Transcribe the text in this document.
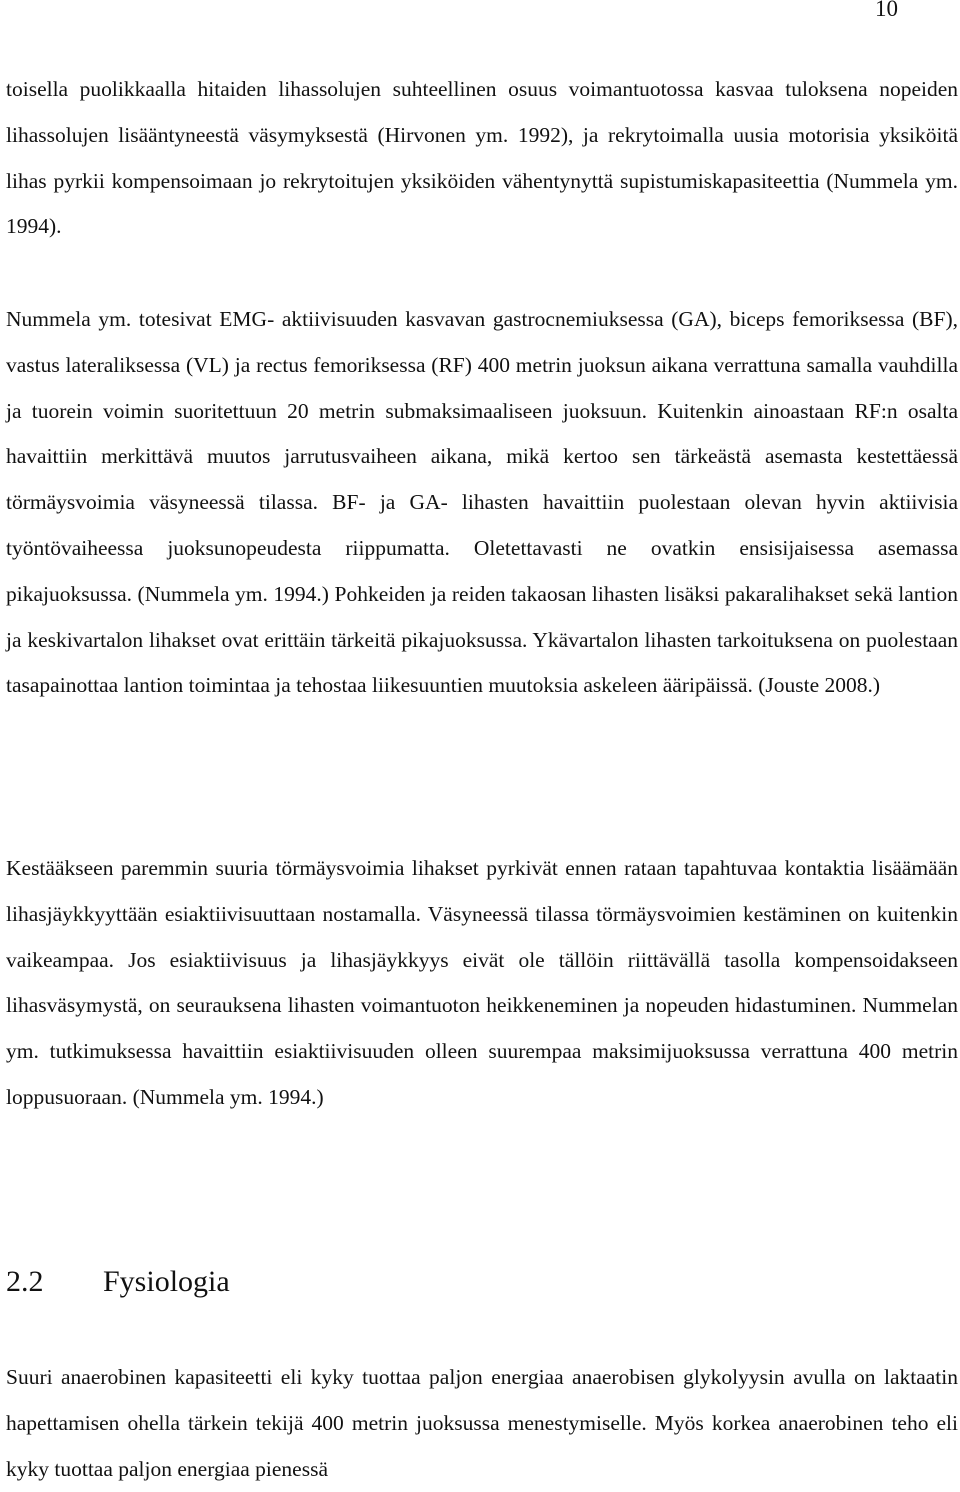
10

toisella puolikkaalla hitaiden lihassolujen suhteellinen osuus voimantuotossa kasvaa tuloksena nopeiden lihassolujen lisääntyneestä väsymyksestä (Hirvonen ym. 1992), ja rekrytoimalla uusia motorisia yksiköitä lihas pyrkii kompensoimaan jo rekrytoitujen yksiköiden vähentynyttä supistumiskapasiteettia (Nummela ym. 1994).

Nummela ym. totesivat EMG- aktiivisuuden kasvavan gastrocnemiuksessa (GA), biceps femoriksessa (BF), vastus lateraliksessa (VL) ja rectus femoriksessa (RF) 400 metrin juoksun aikana verrattuna samalla vauhdilla ja tuorein voimin suoritettuun 20 metrin submaksimaaliseen juoksuun. Kuitenkin ainoastaan RF:n osalta havaittiin merkittävä muutos jarrutusvaiheen aikana, mikä kertoo sen tärkeästä asemasta kestettäessä törmäysvoimia väsyneessä tilassa. BF- ja GA- lihasten havaittiin puolestaan olevan hyvin aktiivisia työntövaiheessa juoksunopeudesta riippumatta. Oletettavasti ne ovatkin ensisijaisessa asemassa pikajuoksussa. (Nummela ym. 1994.) Pohkeiden ja reiden takaosan lihasten lisäksi pakaralihakset sekä lantion ja keskivartalon lihakset ovat erittäin tärkeitä pikajuoksussa. Ykävartalon lihasten tarkoituksena on puolestaan tasapainottaa lantion toimintaa ja tehostaa liikesuuntien muutoksia askeleen ääripäissä. (Jouste 2008.)

Kestääkseen paremmin suuria törmäysvoimia lihakset pyrkivät ennen rataan tapahtuvaa kontaktia lisäämään lihasjäykkyyttään esiaktiivisuuttaan nostamalla. Väsyneessä tilassa törmäysvoimien kestäminen on kuitenkin vaikeampaa. Jos esiaktiivisuus ja lihasjäykkyys eivät ole tällöin riittävällä tasolla kompensoidakseen lihasväsymystä, on seurauksena lihasten voimantuoton heikkeneminen ja nopeuden hidastuminen. Nummelan ym. tutkimuksessa havaittiin esiaktiivisuuden olleen suurempaa maksimijuoksussa verrattuna 400 metrin loppusuoraan. (Nummela ym. 1994.)

2.2 Fysiologia

Suuri anaerobinen kapasiteetti eli kyky tuottaa paljon energiaa anaerobisen glykolyysin avulla on laktaatin hapettamisen ohella tärkein tekijä 400 metrin juoksussa menestymiselle. Myös korkea anaerobinen teho eli kyky tuottaa paljon energiaa pienessä
